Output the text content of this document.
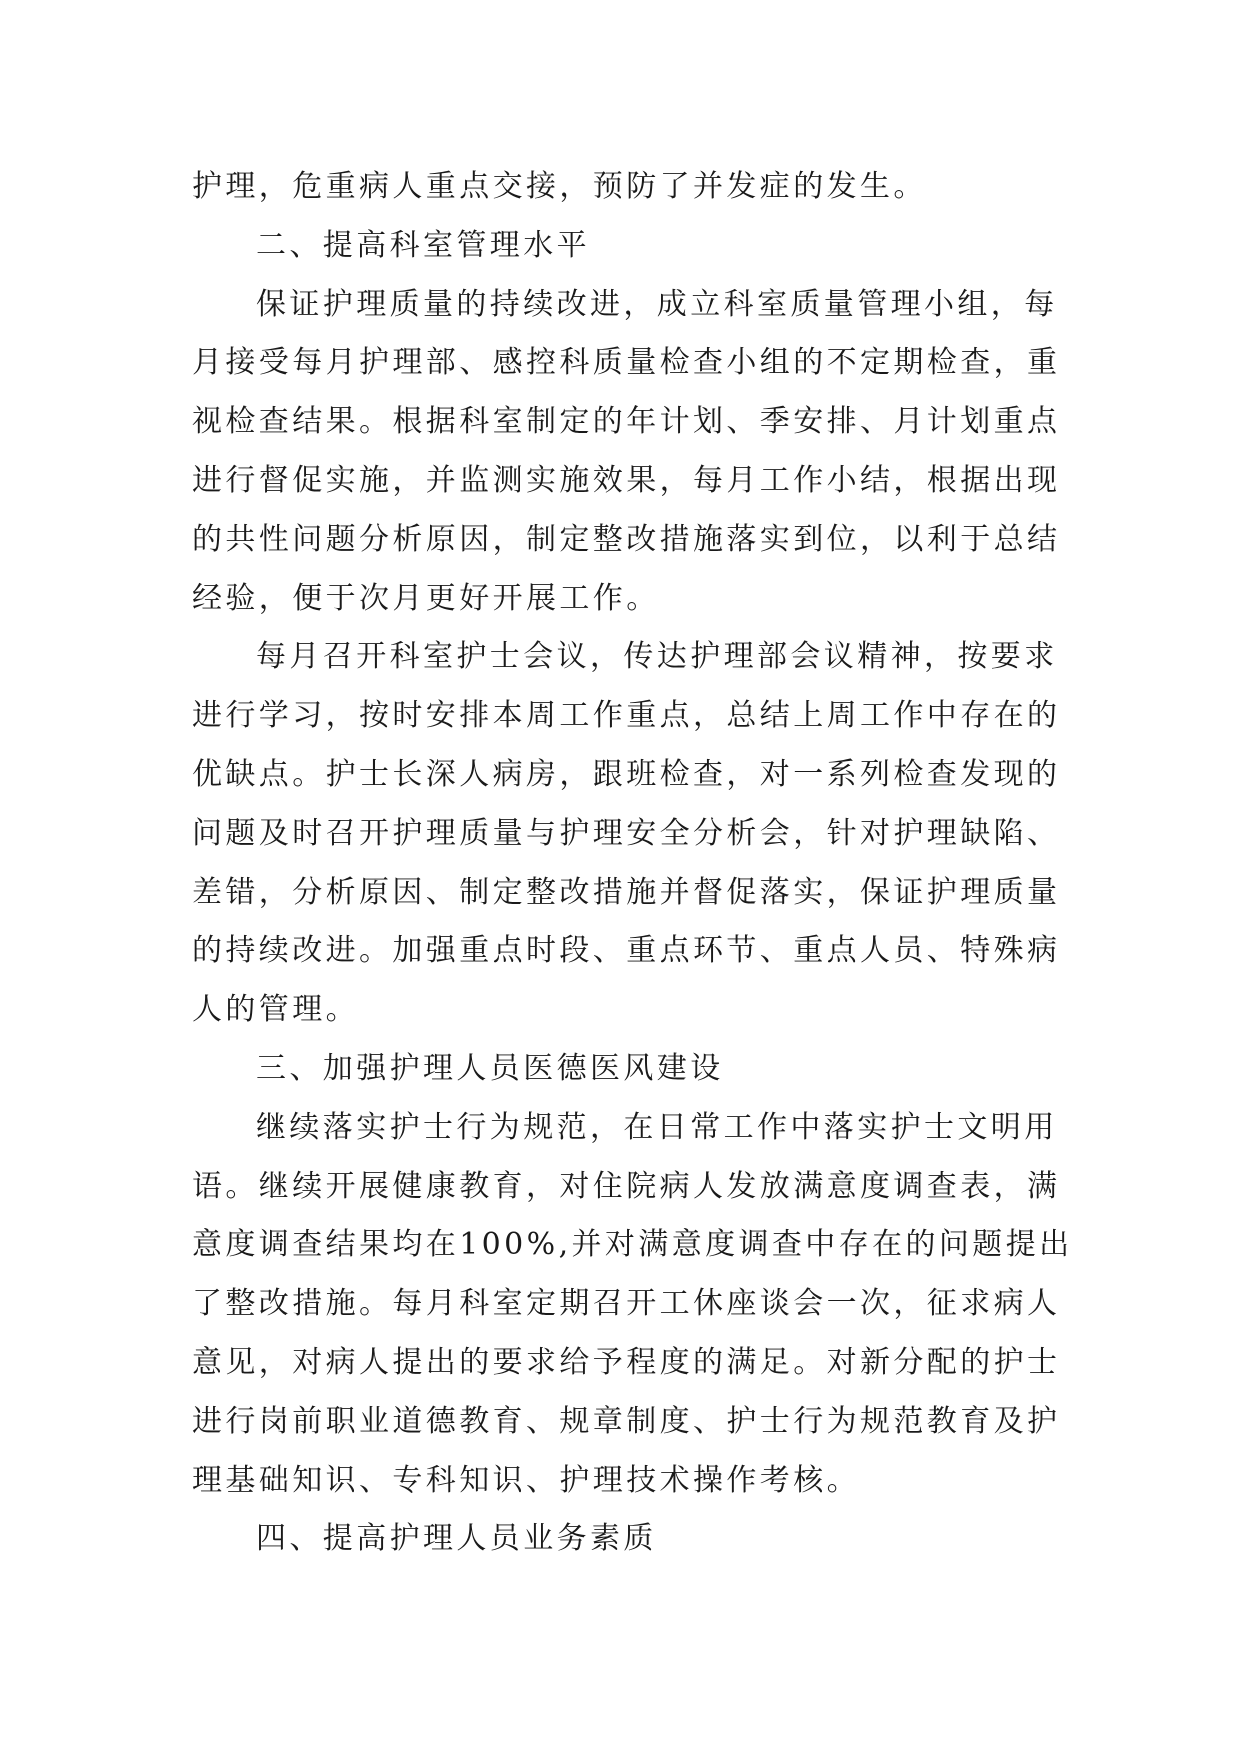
护理，危重病人重点交接，预防了并发症的发生。
二、提高科室管理水平
保证护理质量的持续改进，成立科室质量管理小组，每
月接受每月护理部、感控科质量检查小组的不定期检查，重
视检查结果。根据科室制定的年计划、季安排、月计划重点
进行督促实施，并监测实施效果，每月工作小结，根据出现
的共性问题分析原因，制定整改措施落实到位，以利于总结
经验，便于次月更好开展工作。
每月召开科室护士会议，传达护理部会议精神，按要求
进行学习，按时安排本周工作重点，总结上周工作中存在的
优缺点。护士长深人病房，跟班检查，对一系列检查发现的
问题及时召开护理质量与护理安全分析会，针对护理缺陷、
差错，分析原因、制定整改措施并督促落实，保证护理质量
的持续改进。加强重点时段、重点环节、重点人员、特殊病
人的管理。
三、加强护理人员医德医风建设
继续落实护士行为规范，在日常工作中落实护士文明用
语。继续开展健康教育，对住院病人发放满意度调查表，满
意度调查结果均在100%,并对满意度调查中存在的问题提出
了整改措施。每月科室定期召开工休座谈会一次，征求病人
意见，对病人提出的要求给予程度的满足。对新分配的护士
进行岗前职业道德教育、规章制度、护士行为规范教育及护
理基础知识、专科知识、护理技术操作考核。
四、提高护理人员业务素质
